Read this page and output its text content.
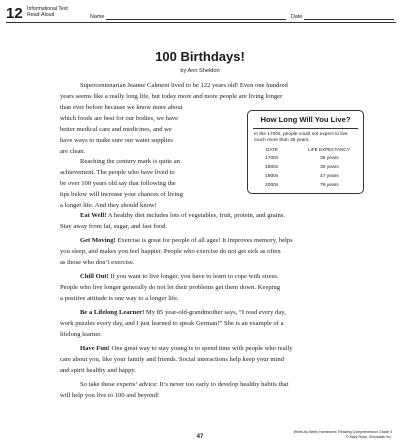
12 Informational Text
Read-Aloud	Name	Date
100 Birthdays!
by Ann Sheldon
Supercentenarian Jeanne Calment lived to be 122 years old! Even one hundred
years seems like a really long life, but today more and more people are living longer
than ever before because we know more about
which foods are best for our bodies, we have
better medical care and medicines, and we
have ways to make sure our water supplies
are clean.
Reaching the century mark is quite an
achievement. The people who have lived to
be over 100 years old say that following the
tips below will increase your chances of living
a longer life. And they should know!
How Long Will You Live?
In the 1700s, people could not expect to live
much more than 35 years.
DATE	LIFE EXPECTANCY
1700s	35 years
1800s	39 years
1900s	47 years
2000s	76 years
Eat Well! A healthy diet includes lots of vegetables, fruit, protein, and grains.
Stay away from fat, sugar, and fast food.
Get Moving! Exercise is great for people of all ages! It improves memory, helps
you sleep, and makes you feel happier. People who exercise do not get sick as often
as those who don’t exercise.
Chill Out! If you want to live longer, you have to learn to cope with stress.
People who live longer generally do not let their problems get them down. Keeping
a positive attitude is one way to a longer life.
Be a Lifelong Learner! My 85 year-old-grandmother says, “I read every day,
work puzzles every day, and I just learned to speak German!” She is an example of a
lifelong learner.
Have Fun! One great way to stay young is to spend time with people who really
care about you, like your family and friends. Social interactions help keep your mind
and spirit healthy and happy.
So take these experts’ advice: It’s never too early to develop healthy habits that
will help you live to 100 and beyond!
47
Week-by-Week Homework: Reading Comprehension Grade 3
© Mary Rose, Scholastic Inc.
